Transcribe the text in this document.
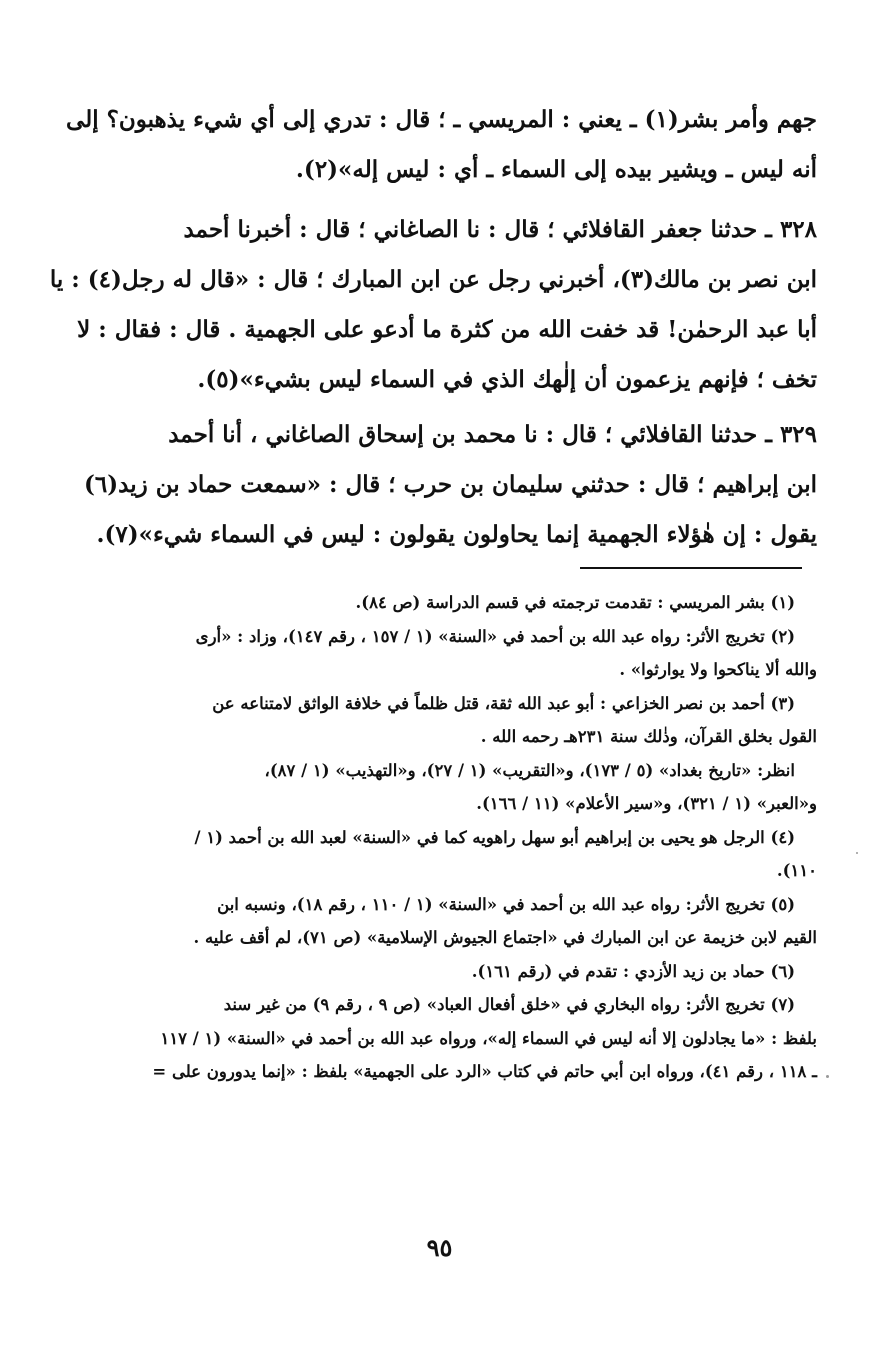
جهم وأمر بشر(١) ـ يعني : المريسي ـ ؛ قال : تدري إلى أي شيء يذهبون؟ إلى
أنه ليس ـ ويشير بيده إلى السماء ـ أي : ليس إله»(٢).
٣٢٨ ـ حدثنا جعفر القافلائي ؛ قال : نا الصاغاني ؛ قال : أخبرنا أحمد
ابن نصر بن مالك(٣)، أخبرني رجل عن ابن المبارك ؛ قال : «قال له رجل(٤) : يا
أبا عبد الرحمٰن! قد خفت الله من كثرة ما أدعو على الجهمية . قال : فقال : لا
تخف ؛ فإنهم يزعمون أن إلٰهك الذي في السماء ليس بشيء»(٥).
٣٢٩ ـ حدثنا القافلائي ؛ قال : نا محمد بن إسحاق الصاغاني ، أنا أحمد
ابن إبراهيم ؛ قال : حدثني سليمان بن حرب ؛ قال : «سمعت حماد بن زيد(٦)
يقول : إن هٰؤلاء الجهمية إنما يحاولون يقولون : ليس في السماء شيء»(٧).
(١) بشر المريسي : تقدمت ترجمته في قسم الدراسة (ص ٨٤).
(٢) تخريج الأثر: رواه عبد الله بن أحمد في «السنة» (١ / ١٥٧ ، رقم ١٤٧)، وزاد : «أرى
والله ألا يناكحوا ولا يوارثوا» .
(٣) أحمد بن نصر الخزاعي : أبو عبد الله ثقة، قتل ظلماً في خلافة الواثق لامتناعه عن
القول بخلق القرآن، وذٰلك سنة ٢٣١هـ رحمه الله .
انظر: «تاريخ بغداد» (٥ / ١٧٣)، و«التقريب» (١ / ٢٧)، و«التهذيب» (١ / ٨٧)،
و«العبر» (١ / ٣٢١)، و«سير الأعلام» (١١ / ١٦٦).
(٤) الرجل هو يحيى بن إبراهيم أبو سهل راهويه كما في «السنة» لعبد الله بن أحمد (١ /
١١٠).
(٥) تخريج الأثر: رواه عبد الله بن أحمد في «السنة» (١ / ١١٠ ، رقم ١٨)، ونسبه ابن
القيم لابن خزيمة عن ابن المبارك في «اجتماع الجيوش الإسلامية» (ص ٧١)، لم أقف عليه .
(٦) حماد بن زيد الأزدي : تقدم في (رقم ١٦١).
(٧) تخريج الأثر: رواه البخاري في «خلق أفعال العباد» (ص ٩ ، رقم ٩) من غير سند
بلفظ : «ما يجادلون إلا أنه ليس في السماء إله»، ورواه عبد الله بن أحمد في «السنة» (١ / ١١٧
ـ ١١٨ ، رقم ٤١)، ورواه ابن أبي حاتم في كتاب «الرد على الجهمية» بلفظ : «إنما يدورون على =
٩٥
